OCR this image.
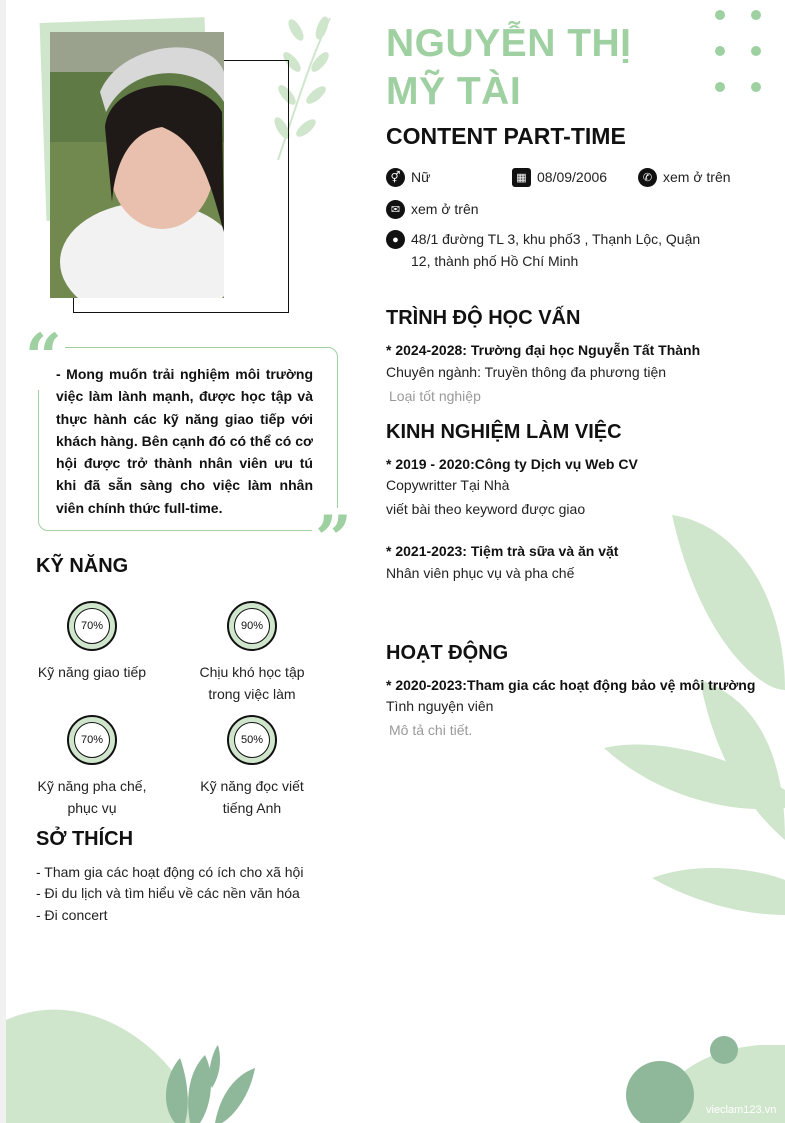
NGUYỄN THỊ
MỸ TÀI
CONTENT PART-TIME
⚥ Nữ	▦ 08/09/2006	✆ xem ở trên
✉ xem ở trên
● 48/1 đường TL 3, khu phố3 , Thạnh Lộc, Quận
12, thành phố Hồ Chí Minh
“
”
- Mong muốn trải nghiệm môi trường việc làm lành mạnh, được học tập và thực hành các kỹ năng giao tiếp với khách hàng. Bên cạnh đó có thể có cơ hội được trở thành nhân viên ưu tú khi đã sẵn sàng cho việc làm nhân viên chính thức full-time.
KỸ NĂNG
70%
Kỹ năng giao tiếp
90%
Chịu khó học tập
trong việc làm
70%
Kỹ năng pha chế,
phục vụ
50%
Kỹ năng đọc viết
tiếng Anh
SỞ THÍCH
- Tham gia các hoạt động có ích cho xã hội
- Đi du lịch và tìm hiểu về các nền văn hóa
- Đi concert
TRÌNH ĐỘ HỌC VẤN
* 2024-2028: Trường đại học Nguyễn Tất Thành
Chuyên ngành: Truyền thông đa phương tiện
Loại tốt nghiệp
KINH NGHIỆM LÀM VIỆC
* 2019 - 2020:Công ty Dịch vụ Web CV
Copywritter Tại Nhà
viết bài theo keyword được giao
* 2021-2023: Tiệm trà sữa và ăn vặt
Nhân viên phục vụ và pha chế
HOẠT ĐỘNG
* 2020-2023:Tham gia các hoạt động bảo vệ môi trường
Tình nguyện viên
Mô tả chi tiết.
vieclam123.vn
